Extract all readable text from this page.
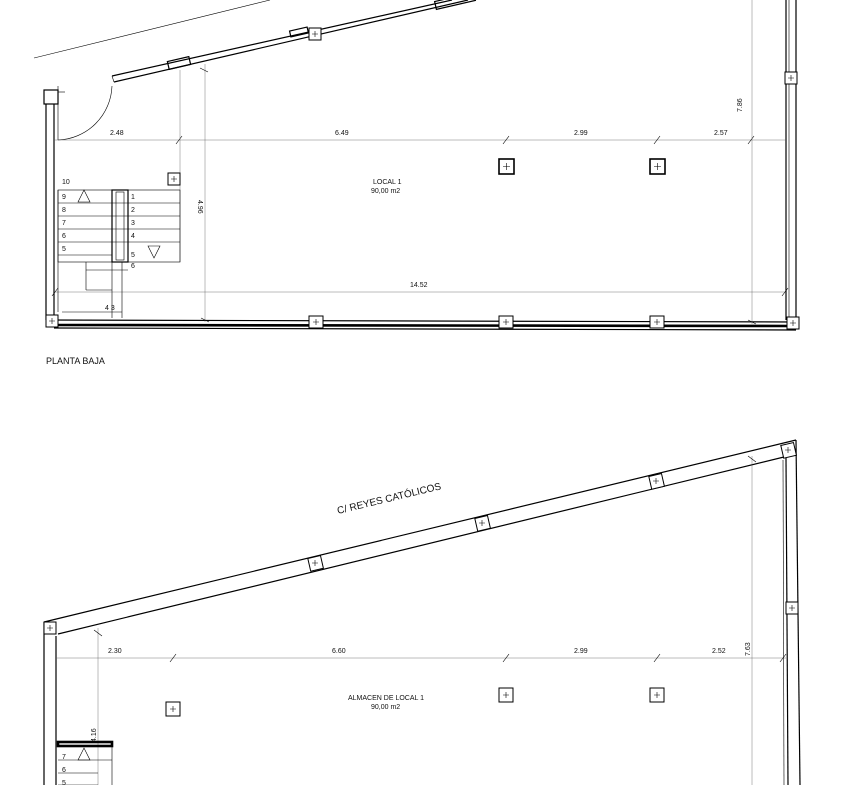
2.48	6.49	2.99	2.57
4.96
7.86
14.52
LOCAL 1
90,00 m2
10
9
8
7
6
5
1
2
3
4
5
6
4 3
PLANTA BAJA
C/ REYES CATÓLICOS
2.30	6.60	2.99	2.52	7.63
4.16
ALMACEN DE LOCAL 1
90,00 m2
7
6
5
